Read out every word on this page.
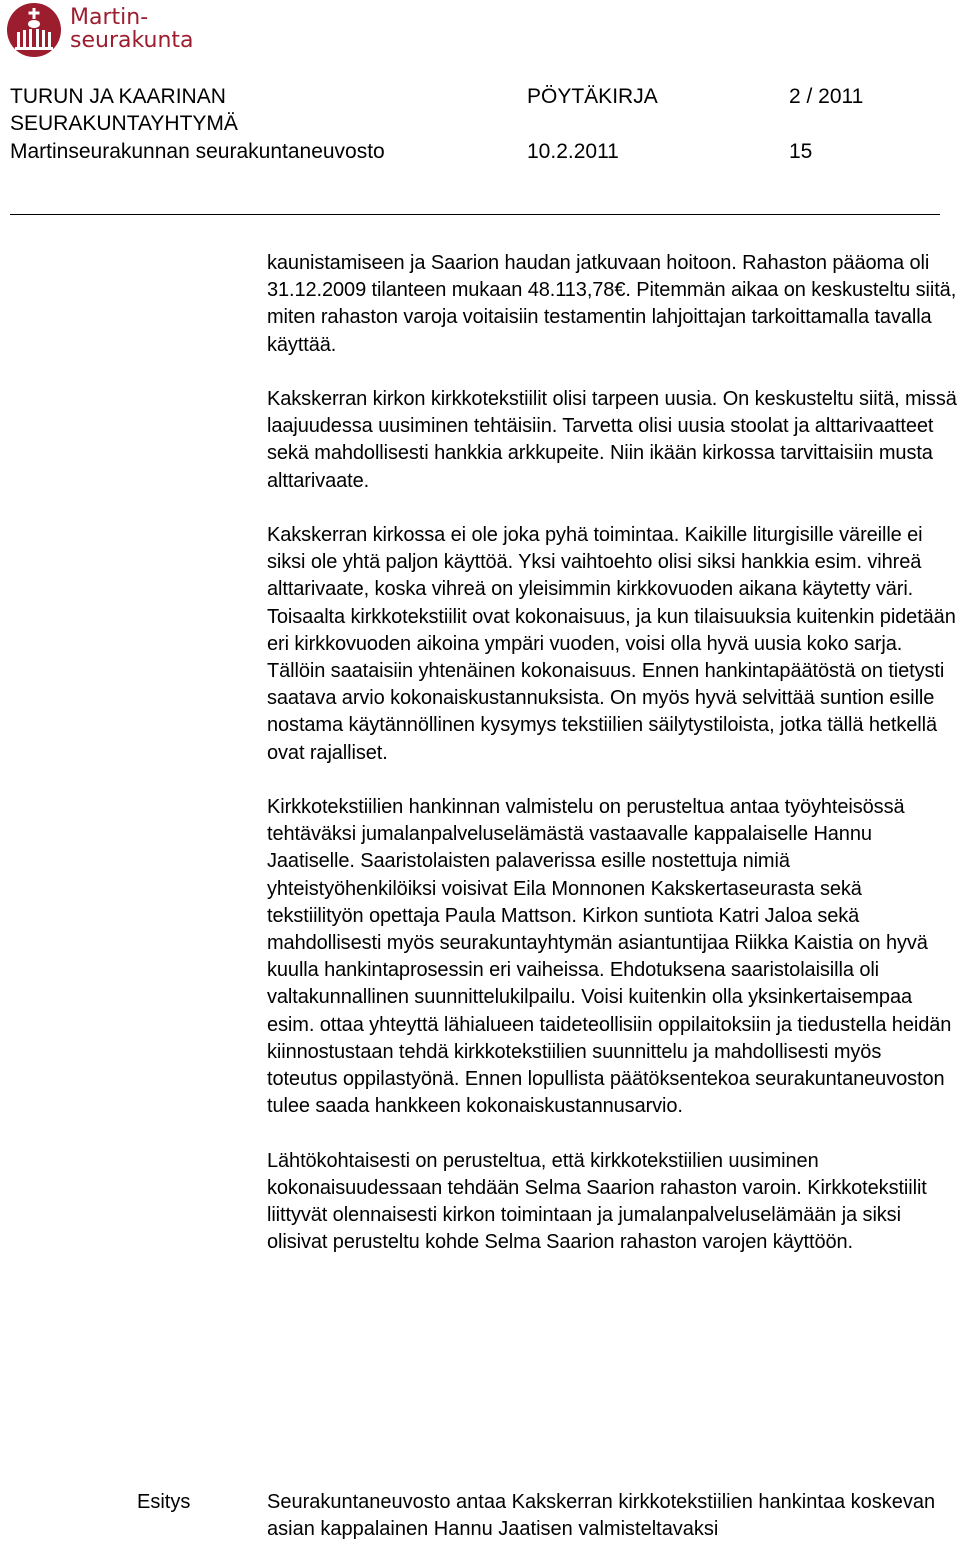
Martin-
seurakunta
TURUN JA KAARINAN
SEURAKUNTAYHTYMÄ
Martinseurakunnan seurakuntaneuvosto
PÖYTÄKIRJA
10.2.2011
2 / 2011
15

kaunistamiseen ja Saarion haudan jatkuvaan hoitoon. Rahaston pääoma oli 31.12.2009 tilanteen mukaan 48.113,78€. Pitemmän aikaa on keskusteltu siitä, miten rahaston varoja voitaisiin testamentin lahjoittajan tarkoittamalla tavalla käyttää.

Kakskerran kirkon kirkkotekstiilit olisi tarpeen uusia. On keskusteltu siitä, missä laajuudessa uusiminen tehtäisiin. Tarvetta olisi uusia stoolat ja alttarivaatteet sekä mahdollisesti hankkia arkkupeite. Niin ikään kirkossa tarvittaisiin musta alttarivaate.

Kakskerran kirkossa ei ole joka pyhä toimintaa. Kaikille liturgisille väreille ei siksi ole yhtä paljon käyttöä. Yksi vaihtoehto olisi siksi hankkia esim. vihreä alttarivaate, koska vihreä on yleisimmin kirkkovuoden aikana käytetty väri. Toisaalta kirkkotekstiilit ovat kokonaisuus, ja kun tilaisuuksia kuitenkin pidetään eri kirkkovuoden aikoina ympäri vuoden, voisi olla hyvä uusia koko sarja. Tällöin saataisiin yhtenäinen kokonaisuus. Ennen hankintapäätöstä on tietysti saatava arvio kokonaiskustannuksista. On myös hyvä selvittää suntion esille nostama käytännöllinen kysymys tekstiilien säilytystiloista, jotka tällä hetkellä ovat rajalliset.

Kirkkotekstiilien hankinnan valmistelu on perusteltua antaa työyhteisössä tehtäväksi jumalanpalveluselämästä vastaavalle kappalaiselle Hannu Jaatiselle. Saaristolaisten palaverissa esille nostettuja nimiä yhteistyöhenkilöiksi voisivat Eila Monnonen Kakskertaseurasta sekä tekstiilityön opettaja Paula Mattson. Kirkon suntiota Katri Jaloa sekä mahdollisesti myös seurakuntayhtymän asiantuntijaa Riikka Kaistia on hyvä kuulla hankintaprosessin eri vaiheissa. Ehdotuksena saaristolaisilla oli valtakunnallinen suunnittelukilpailu. Voisi kuitenkin olla yksinkertaisempaa esim. ottaa yhteyttä lähialueen taideteollisiin oppilaitoksiin ja tiedustella heidän kiinnostustaan tehdä kirkkotekstiilien suunnittelu ja mahdollisesti myös toteutus oppilastyönä. Ennen lopullista päätöksentekoa seurakuntaneuvoston tulee saada hankkeen kokonaiskustannusarvio.

Lähtökohtaisesti on perusteltua, että kirkkotekstiilien uusiminen kokonaisuudessaan tehdään Selma Saarion rahaston varoin. Kirkkotekstiilit liittyvät olennaisesti kirkon toimintaan ja jumalanpalveluselämään ja siksi olisivat perusteltu kohde Selma Saarion rahaston varojen käyttöön.

Esitys	Seurakuntaneuvosto antaa Kakskerran kirkkotekstiilien hankintaa koskevan asian kappalainen Hannu Jaatisen valmisteltavaksi
